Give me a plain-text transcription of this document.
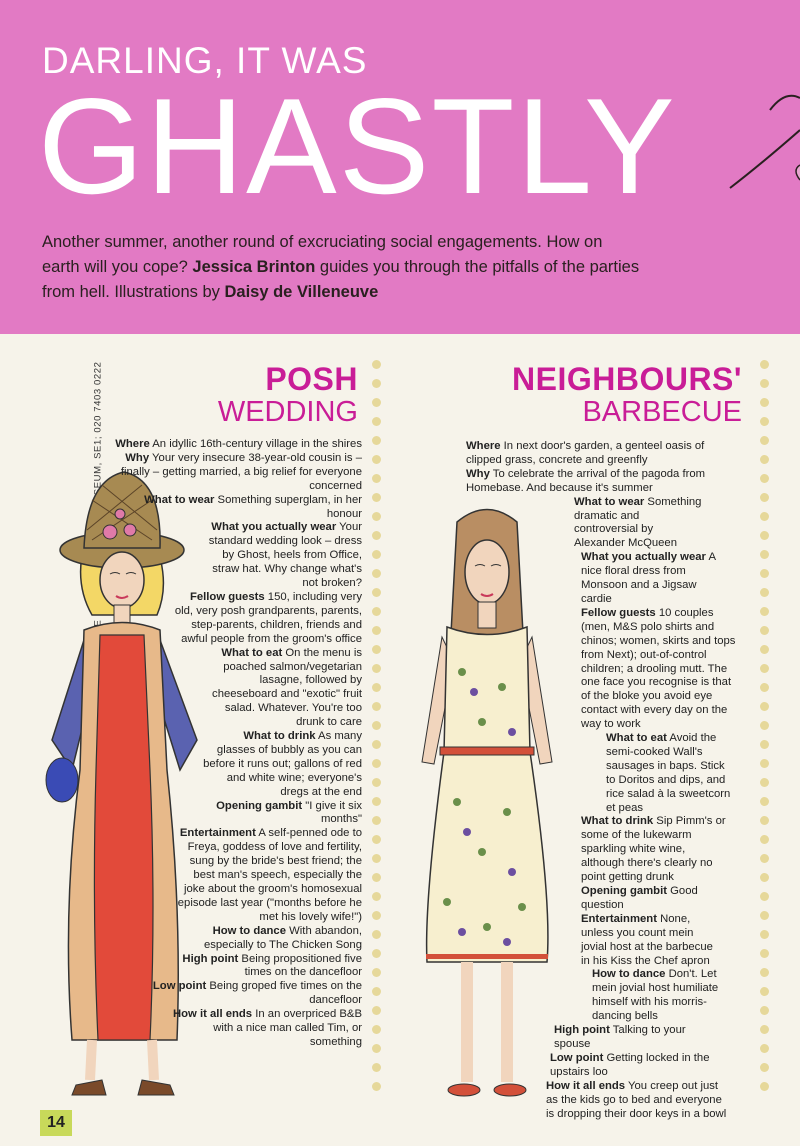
DARLING, IT WAS
GHASTLY
Another summer, another round of excruciating social engagements. How on earth will you cope? Jessica Brinton guides you through the pitfalls of the parties from hell. Illustrations by Daisy de Villeneuve
POSH
WEDDING

Where An idyllic 16th-century village in the shires

Why Your very insecure 38-year-old cousin is – finally – getting married, a big relief for everyone concerned

What to wear Something superglam, in her honour

What you actually wear Your standard wedding look – dress by Ghost, heels from Office, straw hat. Why change what's not broken?

Fellow guests 150, including very old, very posh grandparents, parents, step-parents, children, friends and awful people from the groom's office

What to eat On the menu is poached salmon/vegetarian lasagne, followed by cheeseboard and "exotic" fruit salad. Whatever. You're too drunk to care

What to drink As many glasses of bubbly as you can before it runs out; gallons of red and white wine; everyone's dregs at the end

Opening gambit "I give it six months"

Entertainment A self-penned ode to Freya, goddess of love and fertility, sung by the bride's best friend; the best man's speech, especially the joke about the groom's homosexual episode last year ("months before he met his lovely wife!")

How to dance With abandon, especially to The Chicken Song

High point Being propositioned five times on the dancefloor

Low point Being groped five times on the dancefloor

How it all ends In an overpriced B&B with a nice man called Tim, or something

NEIGHBOURS'
BARBECUE

Where In next door's garden, a genteel oasis of clipped grass, concrete and greenfly

Why To celebrate the arrival of the pagoda from Homebase. And because it's summer

What to wear Something dramatic and controversial by Alexander McQueen

What you actually wear A nice floral dress from Monsoon and a Jigsaw cardie

Fellow guests 10 couples (men, M&S polo shirts and chinos; women, skirts and tops from Next); out-of-control children; a drooling mutt. The one face you recognise is that of the bloke you avoid eye contact with every day on the way to work

What to eat Avoid the semi-cooked Wall's sausages in baps. Stick to Doritos and dips, and rice salad à la sweetcorn et peas

What to drink Sip Pimm's or some of the lukewarm sparkling white wine, although there's clearly no point getting drunk

Opening gambit Good question

Entertainment None, unless you count mein jovial host at the barbecue in his Kiss the Chef apron

How to dance Don't. Let mein jovial host humiliate himself with his morris-dancing bells

High point Talking to your spouse

Low point Getting locked in the upstairs loo

How it all ends You creep out just as the kids go to bed and everyone is dropping their door keys in a bowl

14
